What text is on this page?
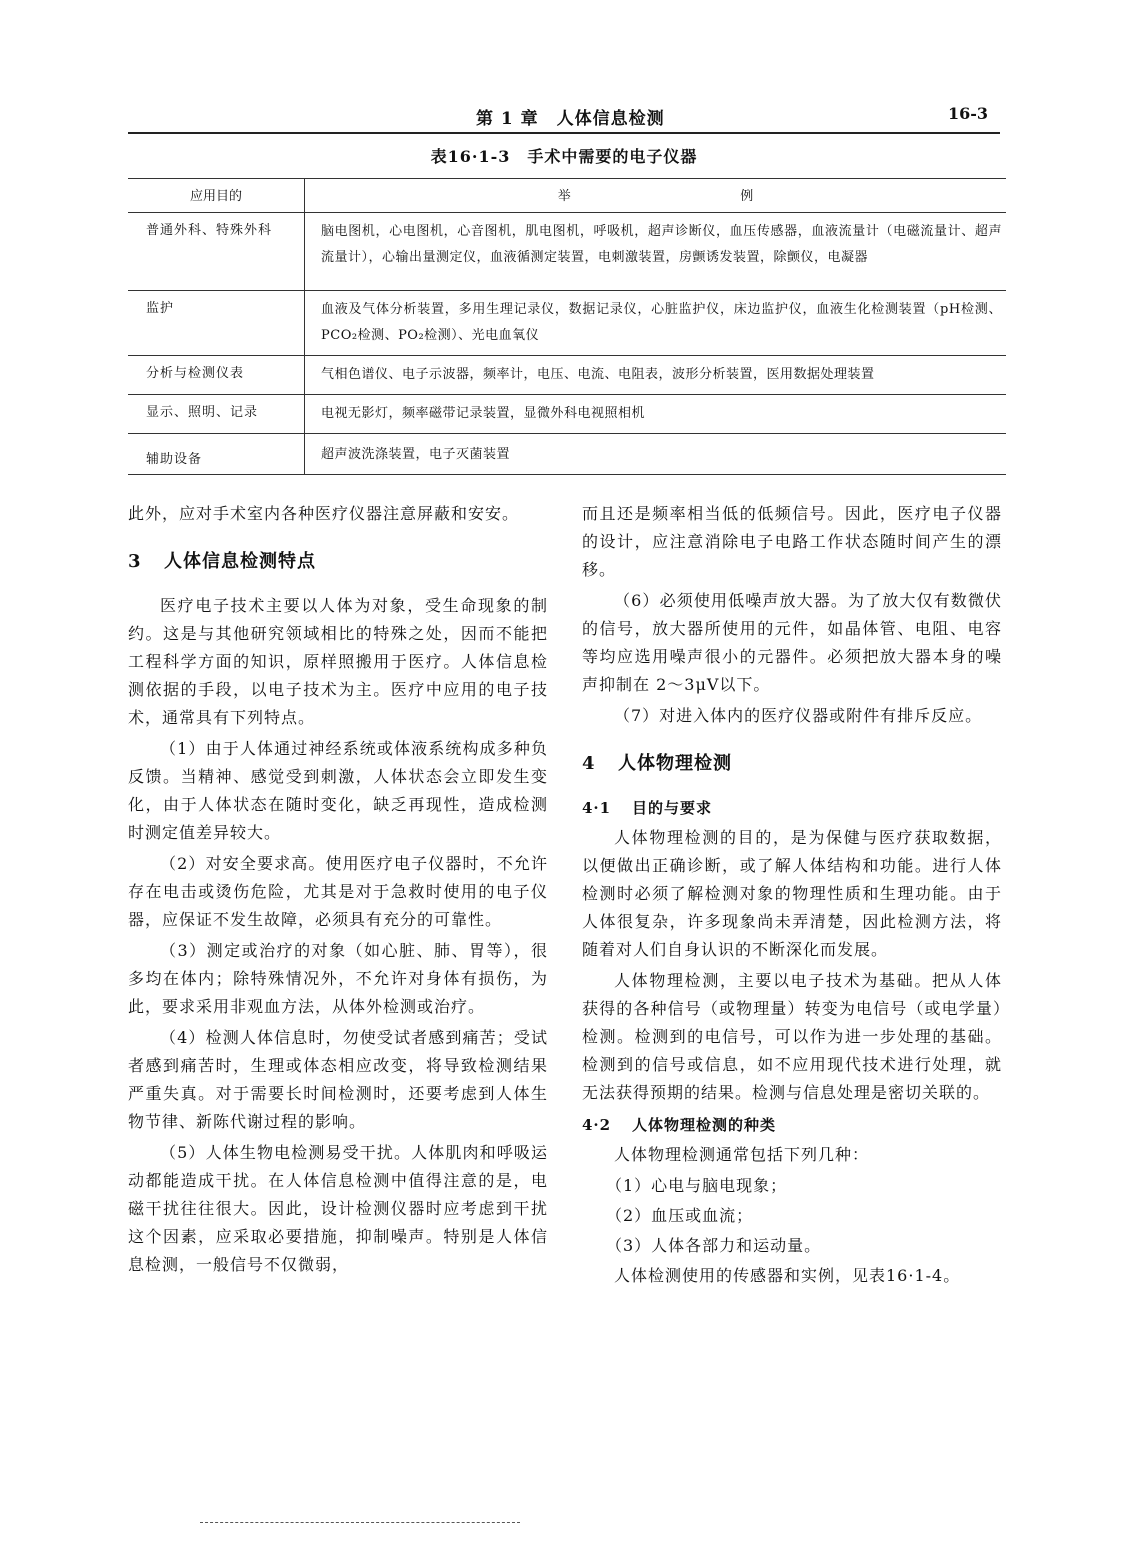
第 1 章 人体信息检测	16-3
表16·1-3　手术中需要的电子仪器
应用目的	举 例

普通外科、特殊外科	脑电图机，心电图机，心音图机，肌电图机，呼吸机，超声诊断仪，血压传感器，血液流量计（电磁流量计、超声流量计），心输出量测定仪，血液循测定装置，电刺激装置，房颤诱发装置，除颤仪，电凝器
监护	血液及气体分析装置，多用生理记录仪，数据记录仪，心脏监护仪，床边监护仪，血液生化检测装置（pH检测、PCO₂检测、PO₂检测）、光电血氧仪
分析与检测仪表	气相色谱仪、电子示波器，频率计，电压、电流、电阻表，波形分析装置，医用数据处理装置
显示、照明、记录	电视无影灯，频率磁带记录装置，显微外科电视照相机
辅助设备	超声波洗涤装置，电子灭菌装置

此外，应对手术室内各种医疗仪器注意屏蔽和安安。

3 人体信息检测特点

医疗电子技术主要以人体为对象，受生命现象的制约。这是与其他研究领域相比的特殊之处，因而不能把工程科学方面的知识，原样照搬用于医疗。人体信息检测依据的手段，以电子技术为主。医疗中应用的电子技术，通常具有下列特点。

（1）由于人体通过神经系统或体液系统构成多种负反馈。当精神、感觉受到刺激，人体状态会立即发生变化，由于人体状态在随时变化，缺乏再现性，造成检测时测定值差异较大。

（2）对安全要求高。使用医疗电子仪器时，不允许存在电击或烫伤危险，尤其是对于急救时使用的电子仪器，应保证不发生故障，必须具有充分的可靠性。

（3）测定或治疗的对象（如心脏、肺、胃等），很多均在体内；除特殊情况外，不允许对身体有损伤，为此，要求采用非观血方法，从体外检测或治疗。

（4）检测人体信息时，勿使受试者感到痛苦；受试者感到痛苦时，生理或体态相应改变，将导致检测结果严重失真。对于需要长时间检测时，还要考虑到人体生物节律、新陈代谢过程的影响。

（5）人体生物电检测易受干扰。人体肌肉和呼吸运动都能造成干扰。在人体信息检测中值得注意的是，电磁干扰往往很大。因此，设计检测仪器时应考虑到干扰这个因素，应采取必要措施，抑制噪声。特别是人体信息检测，一般信号不仅微弱，

而且还是频率相当低的低频信号。因此，医疗电子仪器的设计，应注意消除电子电路工作状态随时间产生的漂移。

（6）必须使用低噪声放大器。为了放大仅有数微伏的信号，放大器所使用的元件，如晶体管、电阻、电容等均应选用噪声很小的元器件。必须把放大器本身的噪声抑制在 2～3μV以下。

（7）对进入体内的医疗仪器或附件有排斥反应。

4 人体物理检测
4·1 目的与要求

人体物理检测的目的，是为保健与医疗获取数据，以便做出正确诊断，或了解人体结构和功能。进行人体检测时必须了解检测对象的物理性质和生理功能。由于人体很复杂，许多现象尚未弄清楚，因此检测方法，将随着对人们自身认识的不断深化而发展。

人体物理检测，主要以电子技术为基础。把从人体获得的各种信号（或物理量）转变为电信号（或电学量）检测。检测到的电信号，可以作为进一步处理的基础。检测到的信号或信息，如不应用现代技术进行处理，就无法获得预期的结果。检测与信息处理是密切关联的。

4·2 人体物理检测的种类

人体物理检测通常包括下列几种：

（1）心电与脑电现象；

（2）血压或血流；

（3）人体各部力和运动量。

人体检测使用的传感器和实例，见表16·1-4。
